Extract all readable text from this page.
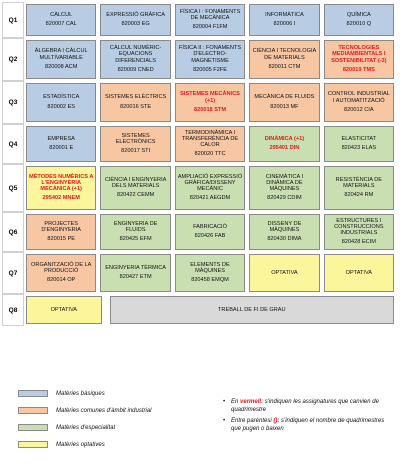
Q1
CÀLCUL
820007 CAL
EXPRESSIÓ GRÀFICA
820003 EG
FÍSICA I : FONAMENTS DE MECÀNICA
820004 F1FM
INFORMÀTICA
820006 I
QUÍMICA
820010 Q
Q2
ÀLGEBRA I CÀLCUL MULTIVARIABLE
820008 ACM
CÀLCUL NUMÈRIC-EQUACIONS DIFERENCIALS
820009 CNED
FÍSICA II : FONAMENTS D'ELECTRO-MAGNETISME
820005 F2FE
CIÈNCIA I TECNOLOGIA DE MATERIALS
820011 CTM
TECNOLOGIES MEDIAMBIENTALS I SOSTENIBILITAT (-3)
820019 TMS
Q3
ESTADÍSTICA
820002 ES
SISTEMES ELÈCTRICS
820016 STE
SISTEMES MECÀNICS (+1)
820018 STM
MECÀNICA DE FLUIDS
820013 MF
CONTROL INDUSTRIAL I AUTOMATITZACIÓ
820012 CIA
Q4
EMPRESA
820001 E
SISTEMES ELECTRÒNICS
820017 STI
TERMODINÀMICA I TRANSFERÈNCIA DE CALOR
820020 TTC
DINÀMICA (+1)
295401 DIN
ELASTICITAT
820423 ELAS
Q5
MÈTODES NUMÈRICS A L'ENGINYERIA MECÀNICA (+1)
295402 MNEM
CIÈNCIA I ENGINYERIA DELS MATERIALS
820422 CEMM
AMPLIACIÓ EXPRESSIÓ GRÀFICA/DISSENY MECÀNIC
820421 AEGDM
CINEMÀTICA I DINÀMICA DE MÀQUINES
820429 CDIM
RESISTÈNCIA DE MATERIALS
820424 RM
Q6
PROJECTES D'ENGINYERIA
820015 PE
ENGINYERIA DE FLUIDS
820425 EFM
FABRICACIÓ
820426 FAB
DISSENY DE MÀQUINES
820430 DIMA
ESTRUCTURES I CONSTRUCCIONS INDUSTRIALS
820428 ECIM
Q7
ORGANITZACIÓ DE LA PRODUCCIÓ
820014 OP
ENGINYERIA TÈRMICA
820427 ETM
ELEMENTS DE MÀQUINES
820458 EMQM
OPTATIVA	OPTATIVA
Q8	OPTATIVA	TREBALL DE FI DE GRAU
Matèries bàsiques
Matèries comunes d'àmbit industrial
Matèries d'especialitat
Matèries optatives
• En vermell: s'indiquen les assignatures que canvien de quadrimestre
• Entre parèntesi (): s'indiquen el nombre de quadrimestres que pugen o baixen
